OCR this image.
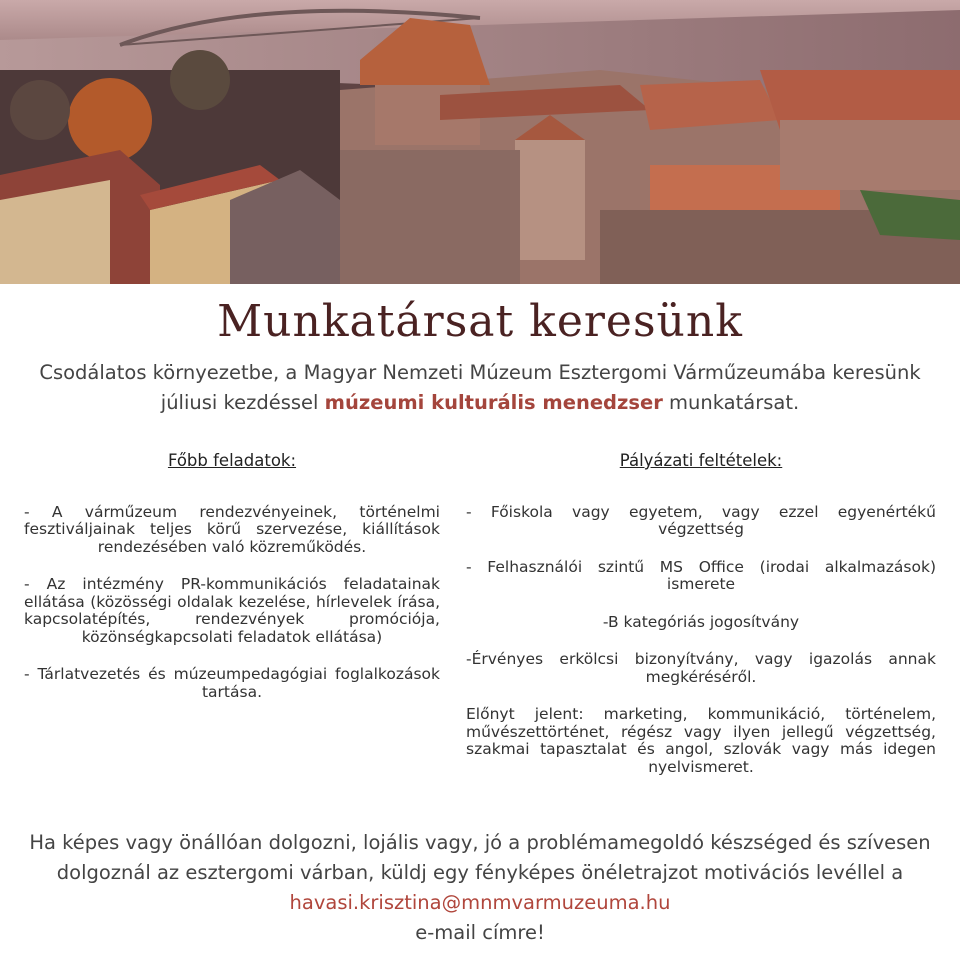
Munkatársat keresünk
Csodálatos környezetbe, a Magyar Nemzeti Múzeum Esztergomi Várműzeumába keresünk
júliusi kezdéssel múzeumi kulturális menedzser munkatársat.
Főbb feladatok:

- A várműzeum rendezvényeinek, történelmi fesztiváljainak teljes körű szervezése, kiállítások rendezésében való közreműködés.

- Az intézmény PR-kommunikációs feladatainak ellátása (közösségi oldalak kezelése, hírlevelek írása, kapcsolatépítés, rendezvények promóciója, közönségkapcsolati feladatok ellátása)

- Tárlatvezetés és múzeumpedagógiai foglalkozások tartása.

Pályázati feltételek:

- Főiskola vagy egyetem, vagy ezzel egyenértékű végzettség

- Felhasználói szintű MS Office (irodai alkalmazások) ismerete

-B kategóriás jogosítvány

-Érvényes erkölcsi bizonyítvány, vagy igazolás annak megkéréséről.

Előnyt jelent: marketing, kommunikáció, történelem, művészettörténet, régész vagy ilyen jellegű végzettség, szakmai tapasztalat és angol, szlovák vagy más idegen nyelvismeret.

Ha képes vagy önállóan dolgozni, lojális vagy, jó a problémamegoldó készséged és szívesen
dolgoznál az esztergomi várban, küldj egy fényképes önéletrajzot motivációs levéllel a
havasi.krisztina@mnmvarmuzeuma.hu
e-mail címre!
